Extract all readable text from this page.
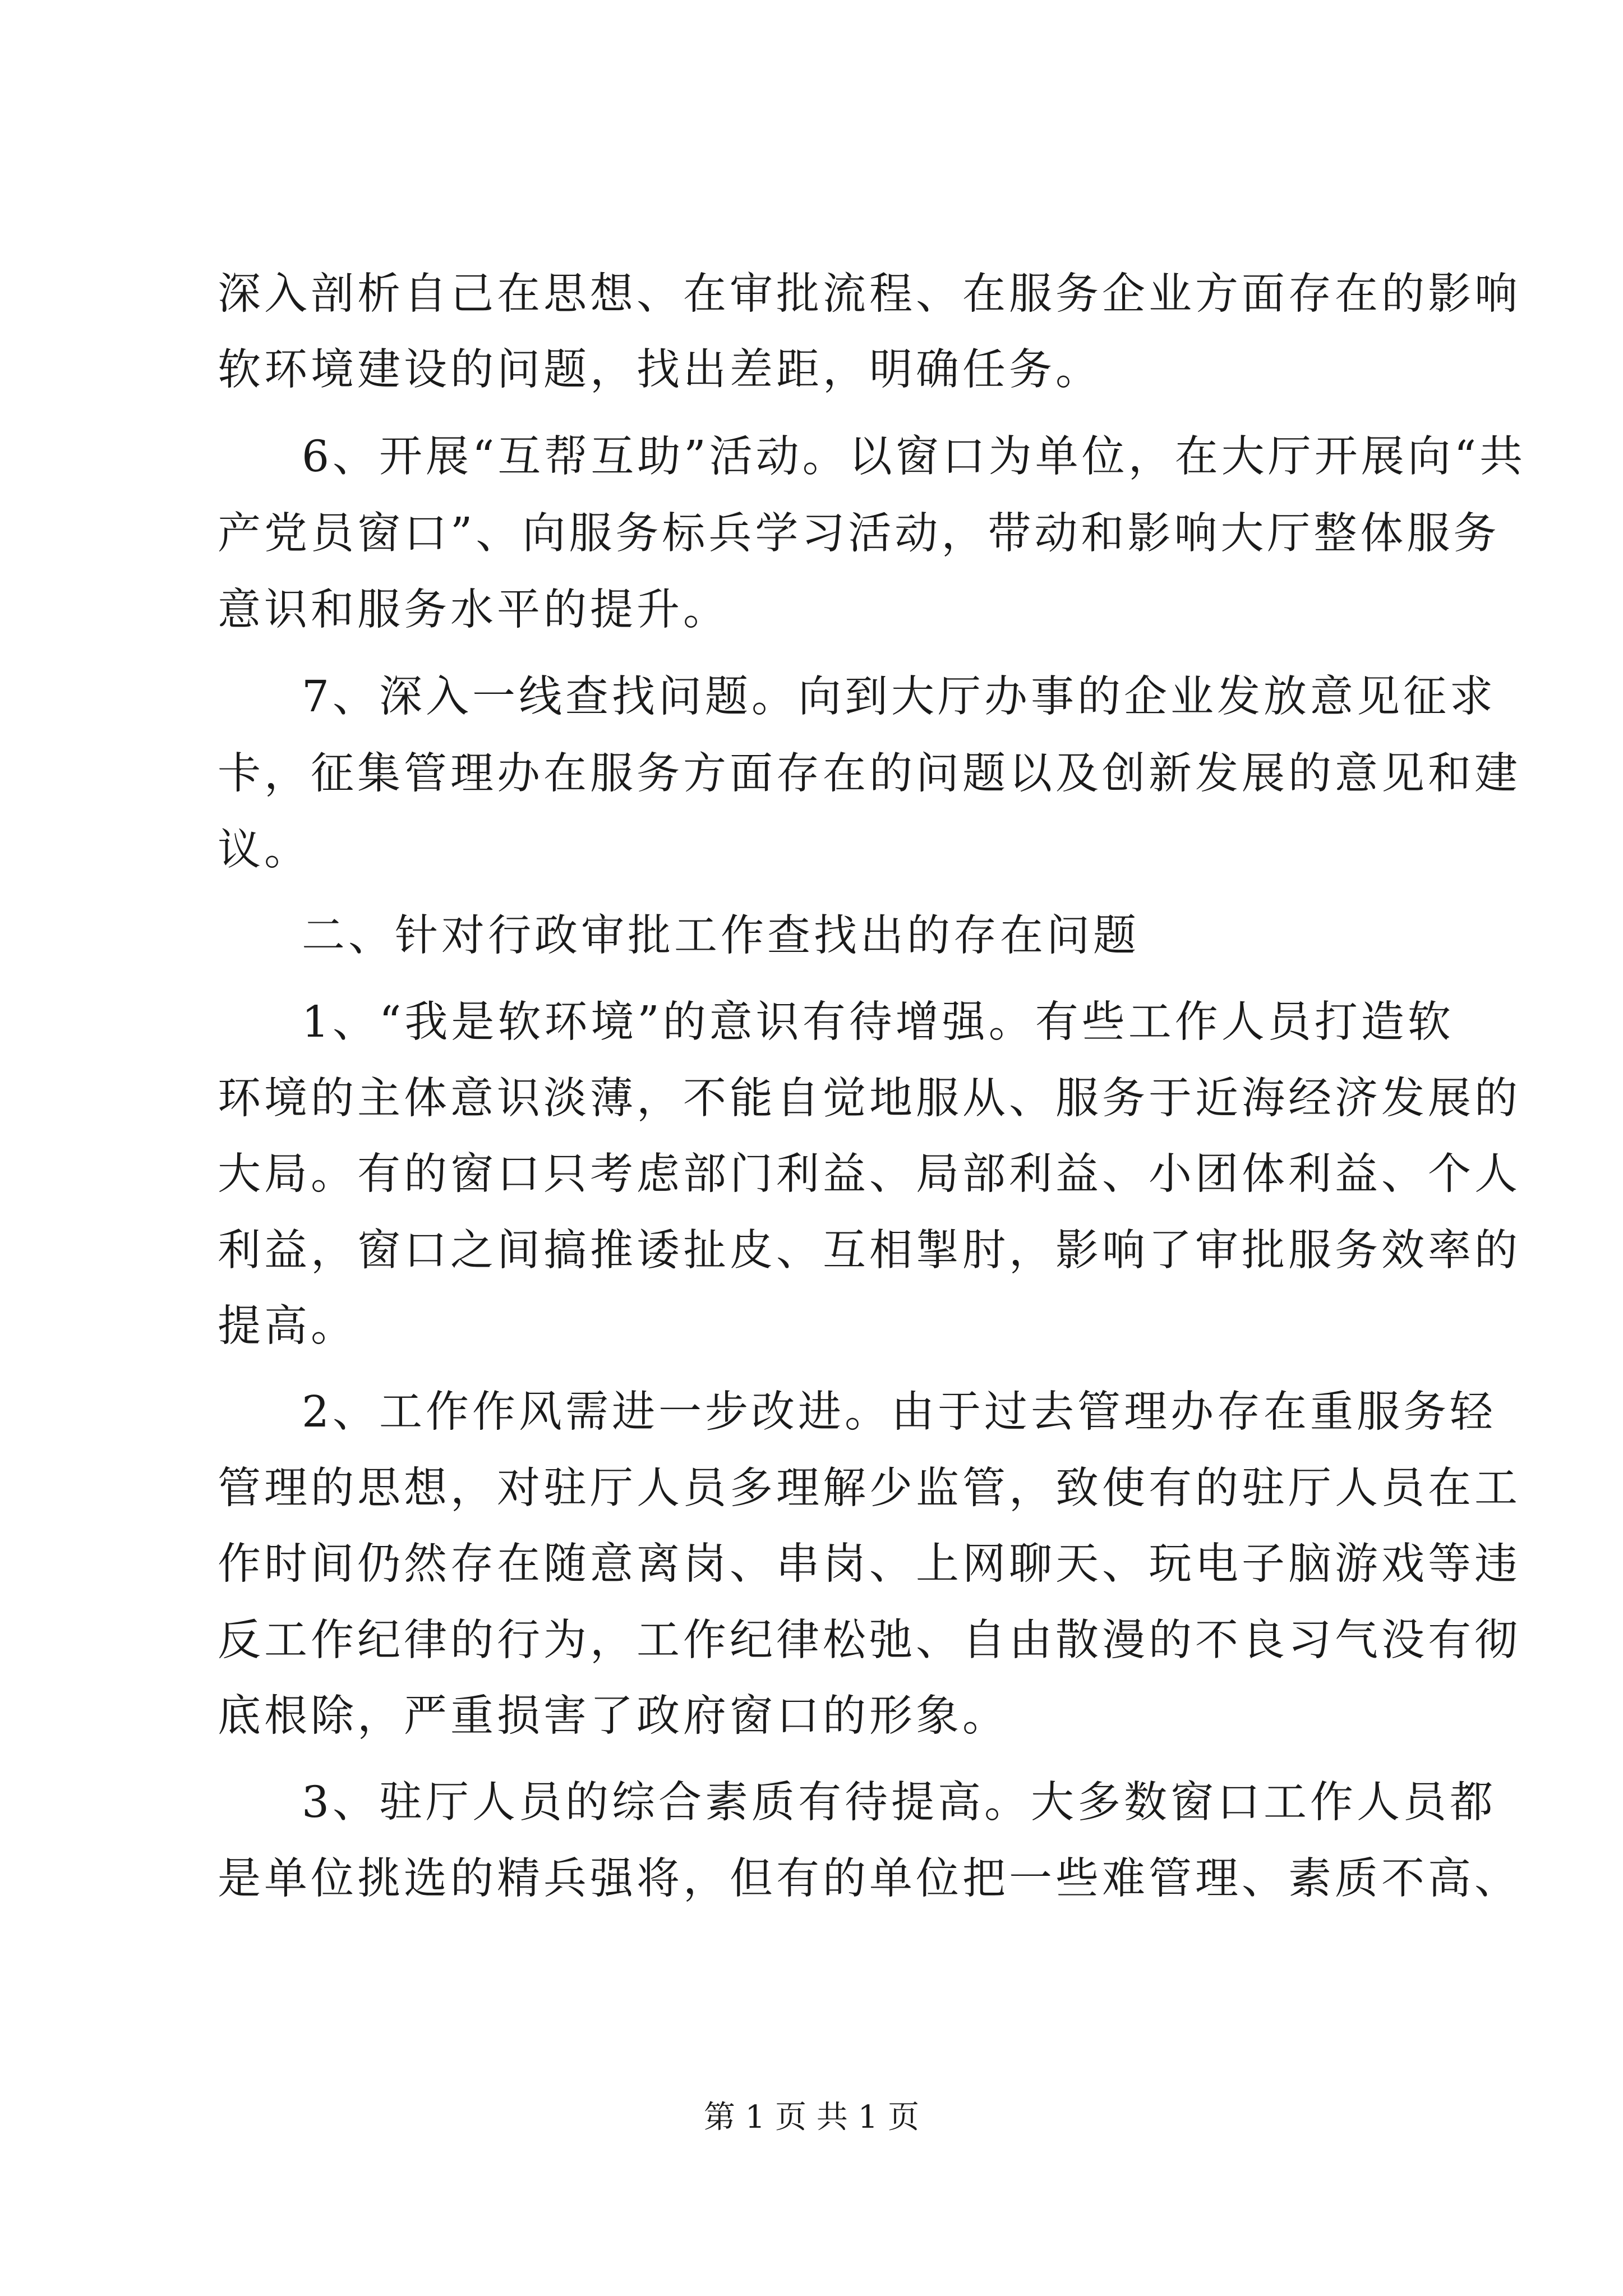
深入剖析自己在思想、在审批流程、在服务企业方面存在的影响
软环境建设的问题，找出差距，明确任务。
6、开展“互帮互助”活动。以窗口为单位，在大厅开展向“共
产党员窗口”、向服务标兵学习活动，带动和影响大厅整体服务
意识和服务水平的提升。
7、深入一线查找问题。向到大厅办事的企业发放意见征求
卡，征集管理办在服务方面存在的问题以及创新发展的意见和建
议。
二、针对行政审批工作查找出的存在问题
1、“我是软环境”的意识有待增强。有些工作人员打造软
环境的主体意识淡薄，不能自觉地服从、服务于近海经济发展的
大局。有的窗口只考虑部门利益、局部利益、小团体利益、个人
利益，窗口之间搞推诿扯皮、互相掣肘，影响了审批服务效率的
提高。
2、工作作风需进一步改进。由于过去管理办存在重服务轻
管理的思想，对驻厅人员多理解少监管，致使有的驻厅人员在工
作时间仍然存在随意离岗、串岗、上网聊天、玩电子脑游戏等违
反工作纪律的行为，工作纪律松弛、自由散漫的不良习气没有彻
底根除，严重损害了政府窗口的形象。
3、驻厅人员的综合素质有待提高。大多数窗口工作人员都
是单位挑选的精兵强将，但有的单位把一些难管理、素质不高、
第 1 页 共 1 页
